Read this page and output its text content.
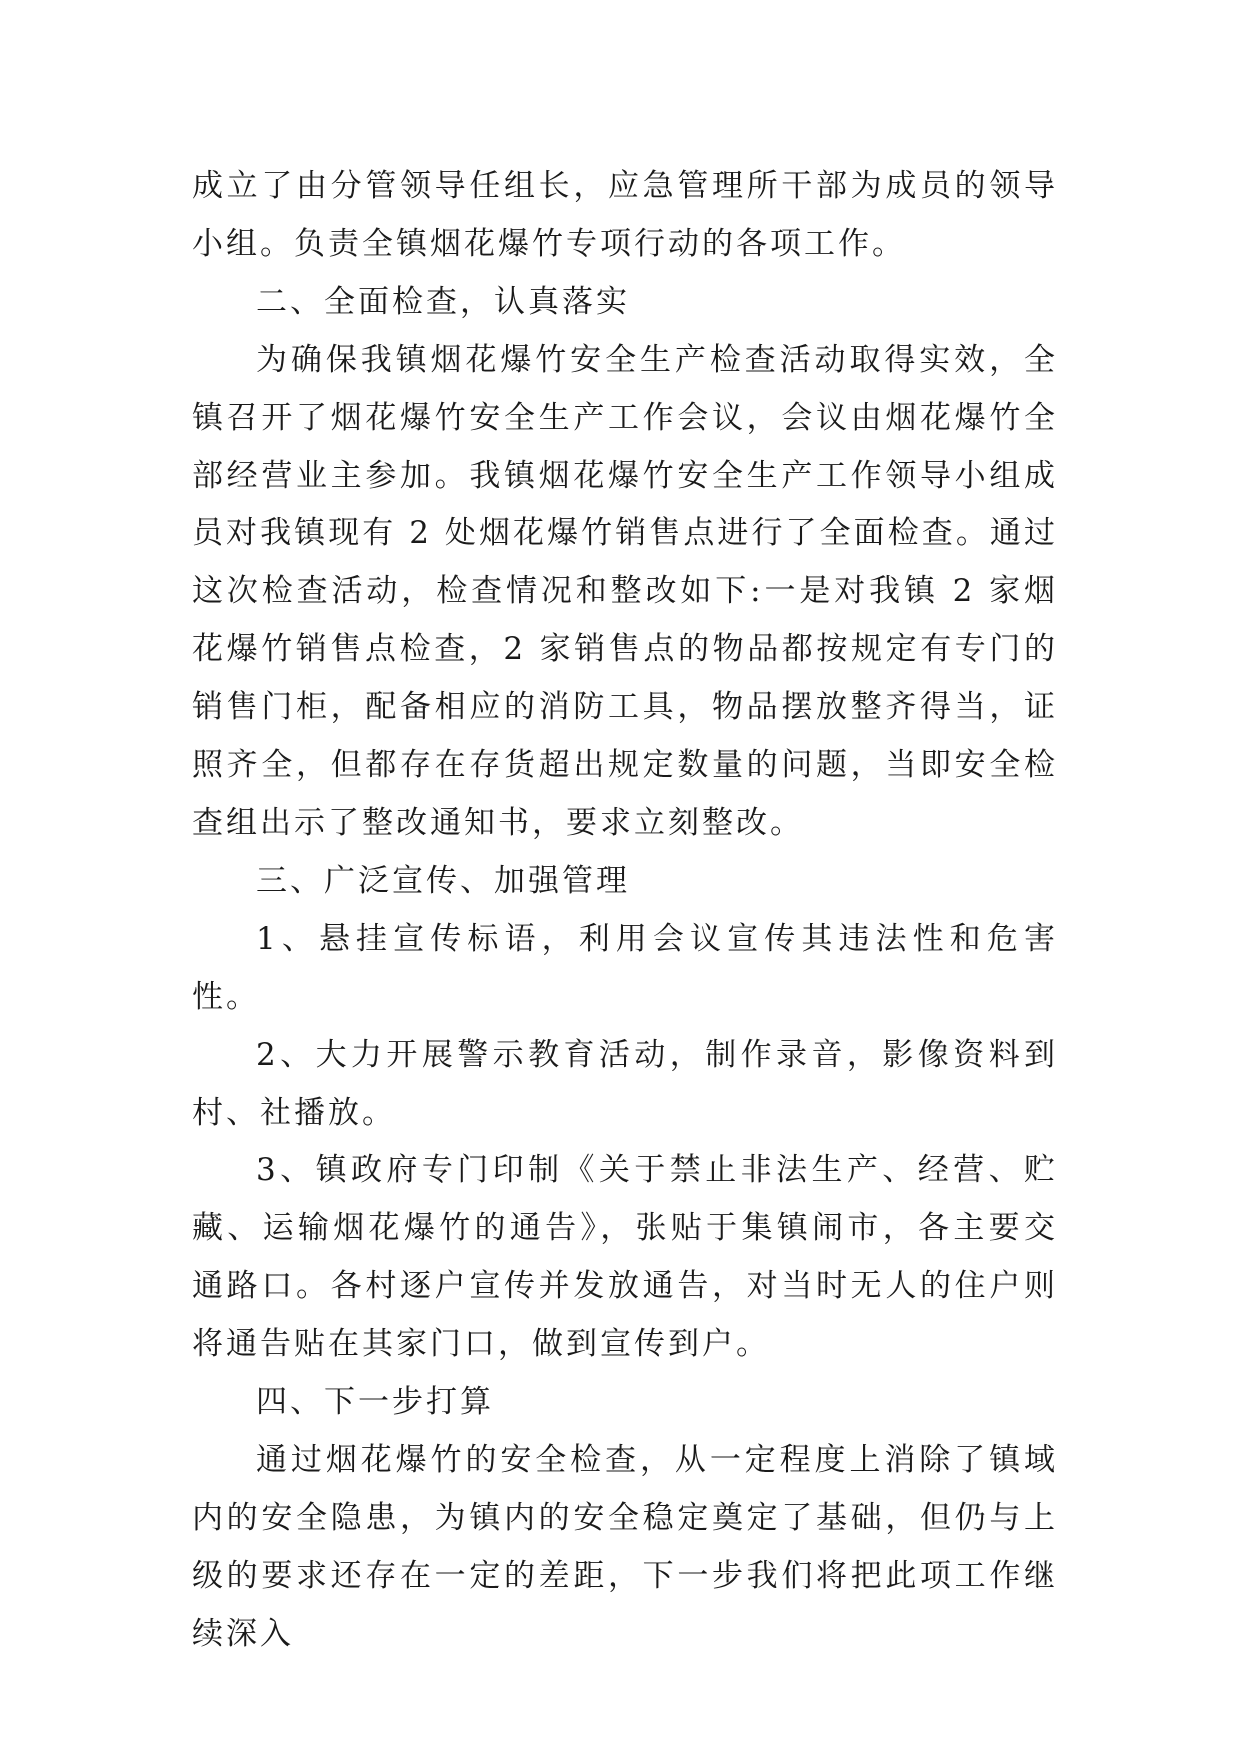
成立了由分管领导任组长，应急管理所干部为成员的领导小组。负责全镇烟花爆竹专项行动的各项工作。

二、全面检查，认真落实

为确保我镇烟花爆竹安全生产检查活动取得实效，全镇召开了烟花爆竹安全生产工作会议，会议由烟花爆竹全部经营业主参加。我镇烟花爆竹安全生产工作领导小组成员对我镇现有 2 处烟花爆竹销售点进行了全面检查。通过这次检查活动，检查情况和整改如下:一是对我镇 2 家烟花爆竹销售点检查，2 家销售点的物品都按规定有专门的销售门柜，配备相应的消防工具，物品摆放整齐得当，证照齐全，但都存在存货超出规定数量的问题，当即安全检查组出示了整改通知书，要求立刻整改。

三、广泛宣传、加强管理

1、悬挂宣传标语，利用会议宣传其违法性和危害性。

2、大力开展警示教育活动，制作录音，影像资料到村、社播放。

3、镇政府专门印制《关于禁止非法生产、经营、贮藏、运输烟花爆竹的通告》，张贴于集镇闹市，各主要交通路口。各村逐户宣传并发放通告，对当时无人的住户则将通告贴在其家门口，做到宣传到户。

四、下一步打算

通过烟花爆竹的安全检查，从一定程度上消除了镇域内的安全隐患，为镇内的安全稳定奠定了基础，但仍与上级的要求还存在一定的差距，下一步我们将把此项工作继续深入
